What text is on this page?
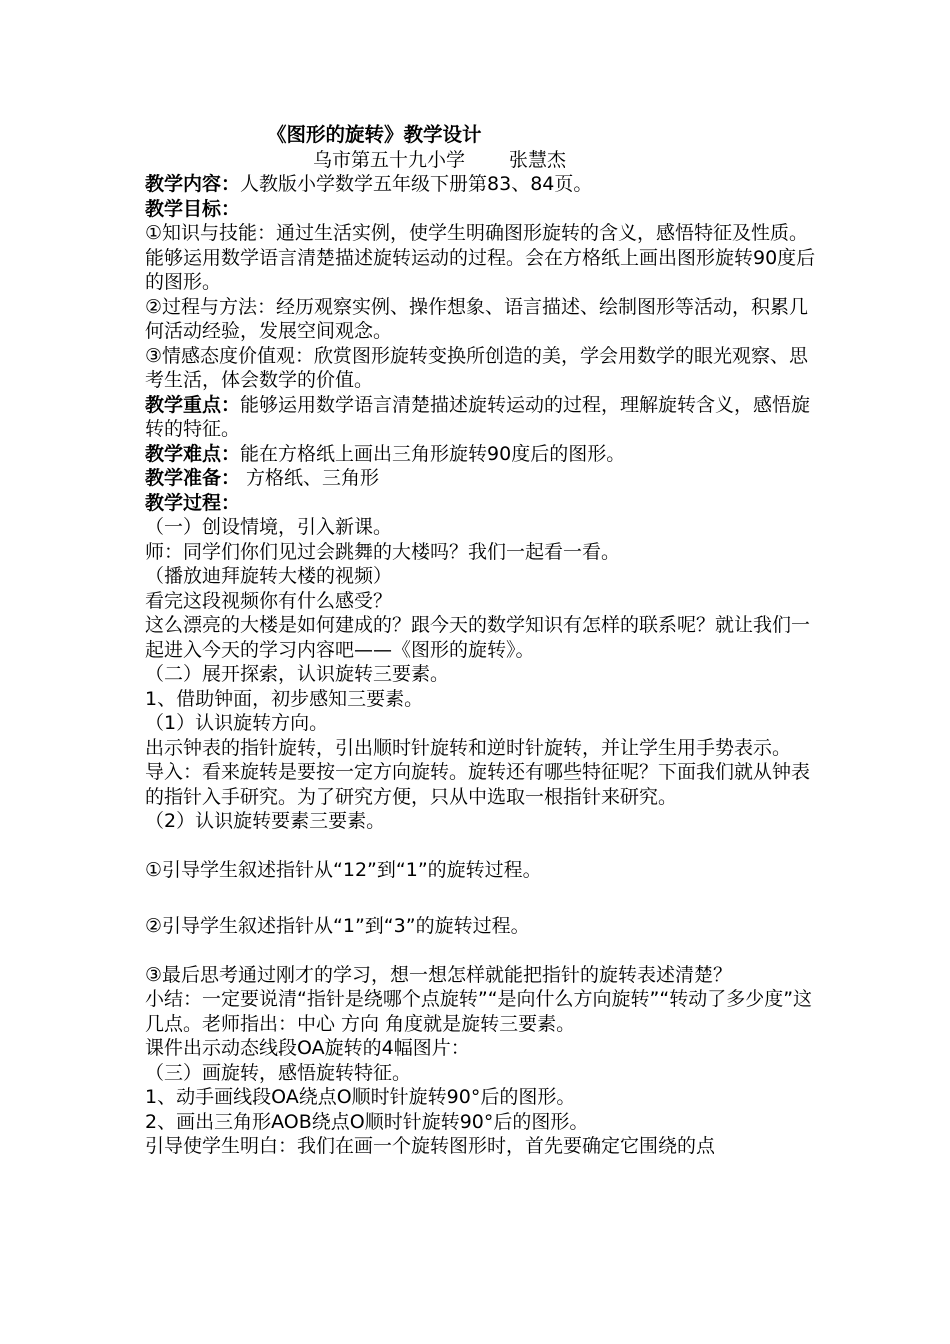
《图形的旋转》教学设计
乌市第五十九小学 张慧杰

教学内容：人教版小学数学五年级下册第83、84页。

教学目标：

①知识与技能：通过生活实例，使学生明确图形旋转的含义，感悟特征及性质。能够运用数学语言清楚描述旋转运动的过程。会在方格纸上画出图形旋转90度后的图形。

②过程与方法：经历观察实例、操作想象、语言描述、绘制图形等活动，积累几何活动经验，发展空间观念。

③情感态度价值观：欣赏图形旋转变换所创造的美，学会用数学的眼光观察、思考生活，体会数学的价值。

教学重点：能够运用数学语言清楚描述旋转运动的过程，理解旋转含义，感悟旋转的特征。

教学难点：能在方格纸上画出三角形旋转90度后的图形。

教学准备： 方格纸、三角形

教学过程：

（一）创设情境，引入新课。

师：同学们你们见过会跳舞的大楼吗？我们一起看一看。

（播放迪拜旋转大楼的视频）

看完这段视频你有什么感受？

这么漂亮的大楼是如何建成的？跟今天的数学知识有怎样的联系呢？就让我们一起进入今天的学习内容吧——《图形的旋转》。

（二）展开探索，认识旋转三要素。

1、借助钟面，初步感知三要素。

（1）认识旋转方向。

出示钟表的指针旋转，引出顺时针旋转和逆时针旋转，并让学生用手势表示。

导入：看来旋转是要按一定方向旋转。旋转还有哪些特征呢？下面我们就从钟表的指针入手研究。为了研究方便，只从中选取一根指针来研究。

（2）认识旋转要素三要素。

①引导学生叙述指针从“12”到“1”的旋转过程。

②引导学生叙述指针从“1”到“3”的旋转过程。

③最后思考通过刚才的学习，想一想怎样就能把指针的旋转表述清楚？

小结：一定要说清“指针是绕哪个点旋转”“是向什么方向旋转”“转动了多少度”这几点。老师指出：中心 方向 角度就是旋转三要素。

课件出示动态线段OA旋转的4幅图片：

（三）画旋转，感悟旋转特征。

1、动手画线段OA绕点O顺时针旋转90°后的图形。

2、画出三角形AOB绕点O顺时针旋转90°后的图形。

引导使学生明白：我们在画一个旋转图形时，首先要确定它围绕的点
